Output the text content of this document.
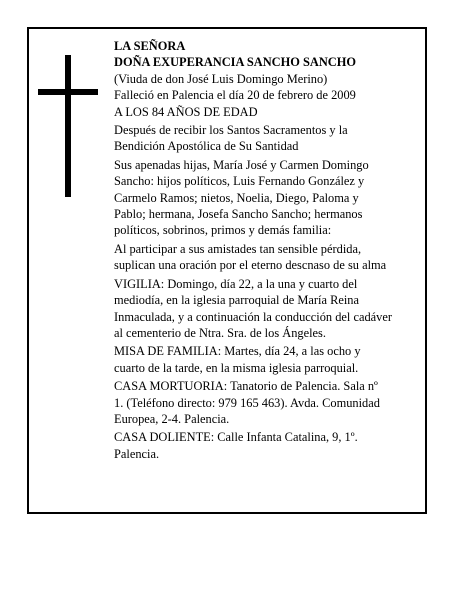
LA SEÑORA
DOÑA EXUPERANCIA SANCHO SANCHO
(Viuda de don José Luis Domingo Merino)
Falleció en Palencia el día 20 de febrero de 2009
A LOS 84 AÑOS DE EDAD
Después de recibir los Santos Sacramentos y la
Bendición Apostólica de Su Santidad
Sus apenadas hijas, María José y Carmen Domingo
Sancho: hijos políticos, Luis Fernando González y
Carmelo Ramos; nietos, Noelia, Diego, Paloma y
Pablo; hermana, Josefa Sancho Sancho; hermanos
políticos, sobrinos, primos y demás familia:
Al participar a sus amistades tan sensible pérdida,
suplican una oración por el eterno descnaso de su alma
VIGILIA: Domingo, día 22, a la una y cuarto del
mediodía, en la iglesia parroquial de María Reina
Inmaculada, y a continuación la conducción del cadáver
al cementerio de Ntra. Sra. de los Ángeles.
MISA DE FAMILIA: Martes, día 24, a las ocho y
cuarto de la tarde, en la misma iglesia parroquial.
CASA MORTUORIA: Tanatorio de Palencia. Sala nº
1. (Teléfono directo: 979 165 463). Avda. Comunidad
Europea, 2-4. Palencia.
CASA DOLIENTE: Calle Infanta Catalina, 9, 1º.
Palencia.
